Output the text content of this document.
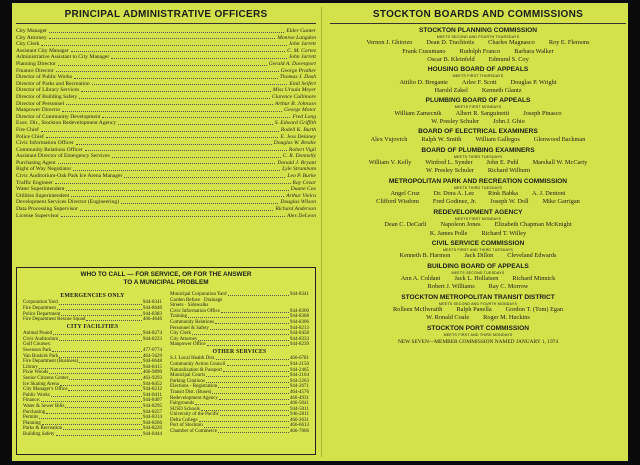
PRINCIPAL ADMINISTRATIVE OFFICERS
City Manager	Elder Gunter
City Attorney	Monroe Langdon
City Clerk	John Jarrett
Assistant City Manager	C. M. Cortez
Administrative Assistant to City Manager	John Jarrett
Planning Director	Gerald A. Davenport
Finance Director	George Prather
Director of Public Works	Thomas J. Dash
Director of Parks and Recreation	Emil Seifert
Director of Library Services	Miss Ursula Meyer
Director of Building Safety	Clarence Cullimore
Director of Personnel	Arthur B. Johnson
Manpower Director	George Motor
Director of Community Development	Fred Long
Exec. Dir., Stockton Redevelopment Agency	S. Edward Griffith
Fire Chief	Rodell K. Burth
Police Chief	E. Jess Delaney
Civic Information Officer	Douglas W. Brodie
Community Relations Officer	Robert Vigil
Assistant Director of Emergency Services	C. R. Donnelly
Purchasing Agent	Donald J. Bryant
Right of Way Negotiator	Lyle Strambom
Civic Auditorium-Oak Park Ice Arena Manager	Leo P. Burke
Traffic Engineer	Ray Cezar
Water Superintendent	Duane Cox
Utilities Superintendent	Arthur Vieira
Development Services Director (Engineering)	Douglas Wilson
Data Processing Supervisor	Richard Anderson
License Supervisor	Alex DeLeon
WHO TO CALL — FOR SERVICE, OR FOR THE ANSWER
TO A MUNICIPAL PROBLEM
EMERGENCIES ONLY
Corporation Yard	944-8341
Fire Department	944-8646
Police Department	944-8383
Fire Department Rescue Squad	466-4646
CITY FACILITIES
Animal Pound	944-8274
Civic Auditorium	944-8223
Golf Courses:
Swenson Park	477-0774
Van Buskirk Park	464-5629
Fire Department (Business)	944-8648
Library	944-8415
Pixie Woods	466-9890
Senior Citizens Center	463-9293
Ice Skating Arena	944-8452
City Manager's Office	944-8212
Public Works	944-8411
Finance:	944-8407
Water & Sewer Bills	944-8295
Purchasing	944-8257
Permits	944-8314
Planning	944-8266
Parks & Recreation	944-8220
Building Safety	944-8444
Municipal Corporation Yard	944-8341
Garden Refuse · Drainage
Streets · Sidewalks
Civic Information Office	944-8300
Training	944-8308
Community Relations	944-8306
Personnel & Safety	944-8213
City Clerk	944-8458
City Attorney	944-8333
Manpower Office	944-8239
OTHER SERVICES
S.J. Local Health Dist.	466-6781
Community Action Council	944-2150
Naturalization & Passport	944-2465
Municipal Courts	944-2104
Parking Citations	944-2263
Elections - Registration	944-2671
Transit Dist. (Buses)	464-4576
Redevelopment Agency	466-4931
Fairgrounds	466-5041
SUSD Schools	944-5011
University of the Pacific	946-2011
Delta College	466-2631
Port of Stockton	466-6613
Chamber of Commerce	466-7066
STOCKTON BOARDS AND COMMISSIONS
STOCKTON PLANNING COMMISSION
MEETS SECOND AND FOURTH THURSDAYS
Vernon J. Ghiorzo Dean D. Trachiotis Charles Magnasco Roy E. Flemons
Frank Cusumano Rudolph Franco Barbara Walker
Oscar B. Kleinfeld Edmund S. Coy
HOUSING BOARD OF APPEALS
MEETS FIRST THURSDAYS
Attilio D. Bregante Arlee F. Scott Douglas P. Wright
Harold Zakel Kenneth Glantz
PLUMBING BOARD OF APPEALS
MEETS FIRST MONDAYS
William Zamecnik Albert R. Sanguinetti Joseph Pinasco
W. Presley Schuler John J. Ghio
BOARD OF ELECTRICAL EXAMINERS
Alex Vujovich Ralph W. Smith William Gallegos Glenwood Backman
BOARD OF PLUMBING EXAMINERS
MEETS THIRD TUESDAYS
William V. Kelly Winfred L. Synder John E. Puhl Marshall W. McCarty
W. Presley Schuler Richard Wilburn
METROPOLITAN PARK AND RECREATION COMMISSION
MEETS THIRD TUESDAYS
Angel Cruz Dr. Dora A. Lee Rink Babka A. J. Dentoni
Clifford Wisdom Fred Godinez, Jr. Joseph W. Doll Mike Garrigan
REDEVELOPMENT AGENCY
MEETS FIRST MONDAYS
Dean C. DeCarli Napoleon Jones Elizabeth Chapman McKnight
K. James Polle Richard T. Willey
CIVIL SERVICE COMMISSION
MEETS FIRST AND THIRD TUESDAYS
Kenneth B. Harmon Jack Dillon Cleveland Edwards
BUILDING BOARD OF APPEALS
MEETS SECOND TUESDAYS
Ann A. Coldani Jack L. Hollatsen Richard Minnick
Robert J. Williams Ray C. Morrow
STOCKTON METROPOLITAN TRANSIT DISTRICT
MEETS SECOND AND FOURTH MONDAYS
Rolleen McIlwraith Ralph Panella Gordon T. (Tom) Egan
W. Ronald Coale Roger M. Huckins
STOCKTON PORT COMMISSION
MEETS FIRST AND THIRD MONDAYS
NEW SEVEN—MEMBER COMMISSION NAMED JANUARY 1, 1974
